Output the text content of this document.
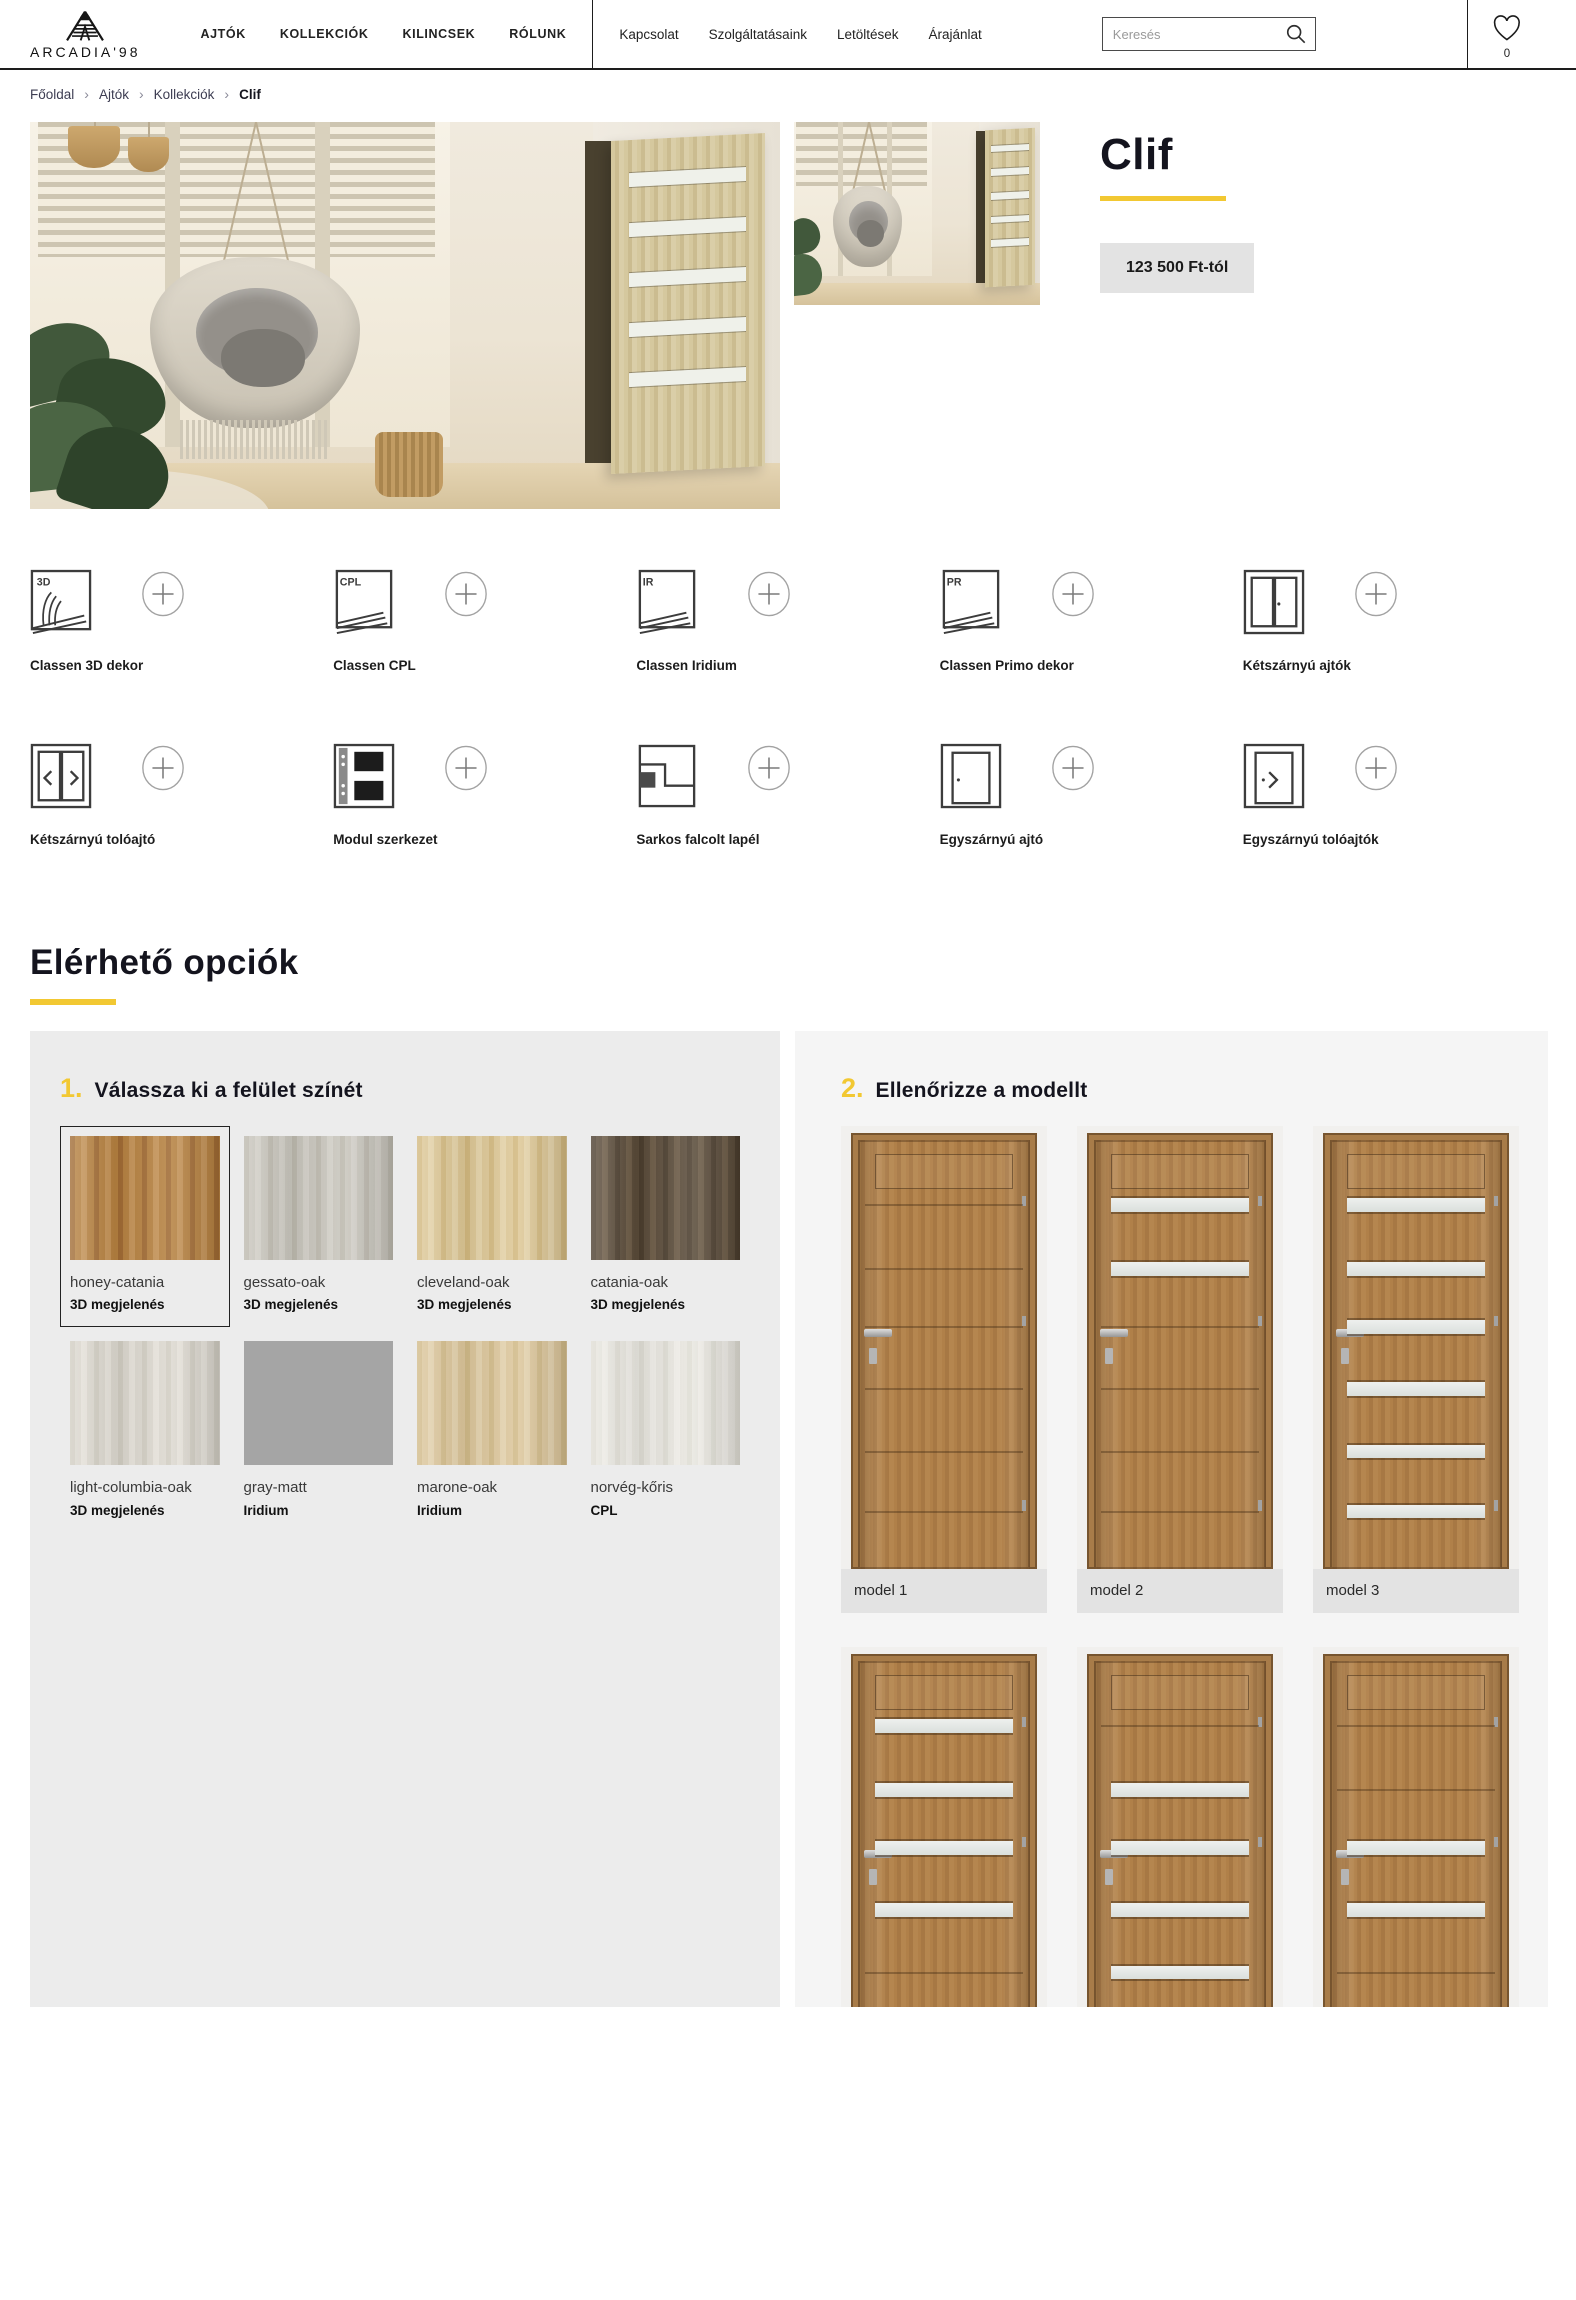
ARCADIA'98
AJTÓK	KOLLEKCIÓK	KILINCSEK	RÓLUNK	Kapcsolat Szolgáltatásaink Letöltések Árajánlat
Keresés
0
Főoldal › Ajtók › Kollekciók › Clif
Clif
123 500 Ft-tól
3D
Classen 3D dekor
CPL
Classen CPL
IR
Classen Iridium
PR
Classen Primo dekor	Kétszárnyú ajtók
Kétszárnyú tolóajtó	Modul szerkezet	Sarkos falcolt lapél	Egyszárnyú ajtó	Egyszárnyú tolóajtók
Elérhető opciók
1. Válassza ki a felület színét
honey-catania
3D megjelenés
gessato-oak
3D megjelenés
cleveland-oak
3D megjelenés
catania-oak
3D megjelenés
light-columbia-oak
3D megjelenés
gray-matt
Iridium
marone-oak
Iridium
norvég-kőris
CPL
2. Ellenőrizze a modellt
model 1	model 2	model 3
